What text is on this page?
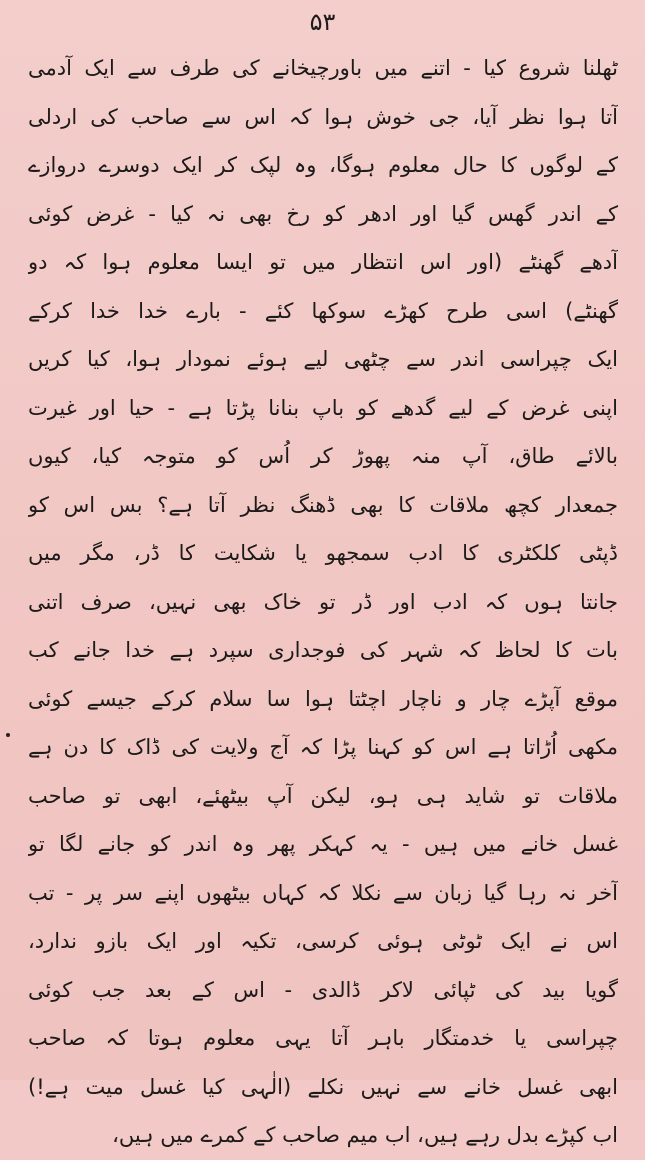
۵۳
ٹھلنا شروع کیا - اتنے میں باورچیخانے کی طرف سے ایک آدمی
آتا ہوا نظر آیا، جی خوش ہوا کہ اس سے صاحب کی اردلی
کے لوگوں کا حال معلوم ہوگا، وہ لپک کر ایک دوسرے دروازے
کے اندر گھس گیا اور ادھر کو رخ بھی نہ کیا - غرض کوئی
آدھے گھنٹے (اور اس انتظار میں تو ایسا معلوم ہوا کہ دو
گھنٹے) اسی طرح کھڑے سوکھا کئے - بارے خدا خدا کرکے
ایک چپراسی اندر سے چٹھی لیے ہوئے نمودار ہوا، کیا کریں
اپنی غرض کے لیے گدھے کو باپ بنانا پڑتا ہے - حیا اور غیرت
بالائے طاق، آپ منہ پھوڑ کر اُس کو متوجہ کیا، کیوں
جمعدار کچھ ملاقات کا بھی ڈھنگ نظر آتا ہے؟ بس اس کو
ڈپٹی کلکٹری کا ادب سمجھو یا شکایت کا ڈر، مگر میں
جانتا ہوں کہ ادب اور ڈر تو خاک بھی نہیں، صرف اتنی
بات کا لحاظ کہ شہر کی فوجداری سپرد ہے خدا جانے کب
موقع آپڑے چار و ناچار اچٹتا ہوا سا سلام کرکے جیسے کوئی
مکھی اُڑاتا ہے اس کو کہنا پڑا کہ آج ولایت کی ڈاک کا دن ہے
ملاقات تو شاید ہی ہو، لیکن آپ بیٹھئے، ابھی تو صاحب
غسل خانے میں ہیں - یہ کہکر پھر وہ اندر کو جانے لگا تو
آخر نہ رہا گیا زبان سے نکلا کہ کہاں بیٹھوں اپنے سر پر - تب
اس نے ایک ٹوٹی ہوئی کرسی، تکیہ اور ایک بازو ندارد،
گویا بید کی ٹپائی لاکر ڈالدی - اس کے بعد جب کوئی
چپراسی یا خدمتگار باہر آتا یہی معلوم ہوتا کہ صاحب
ابھی غسل خانے سے نہیں نکلے (الٰہی کیا غسل میت ہے!)
اب کپڑے بدل رہے ہیں، اب میم صاحب کے کمرے میں ہیں،
